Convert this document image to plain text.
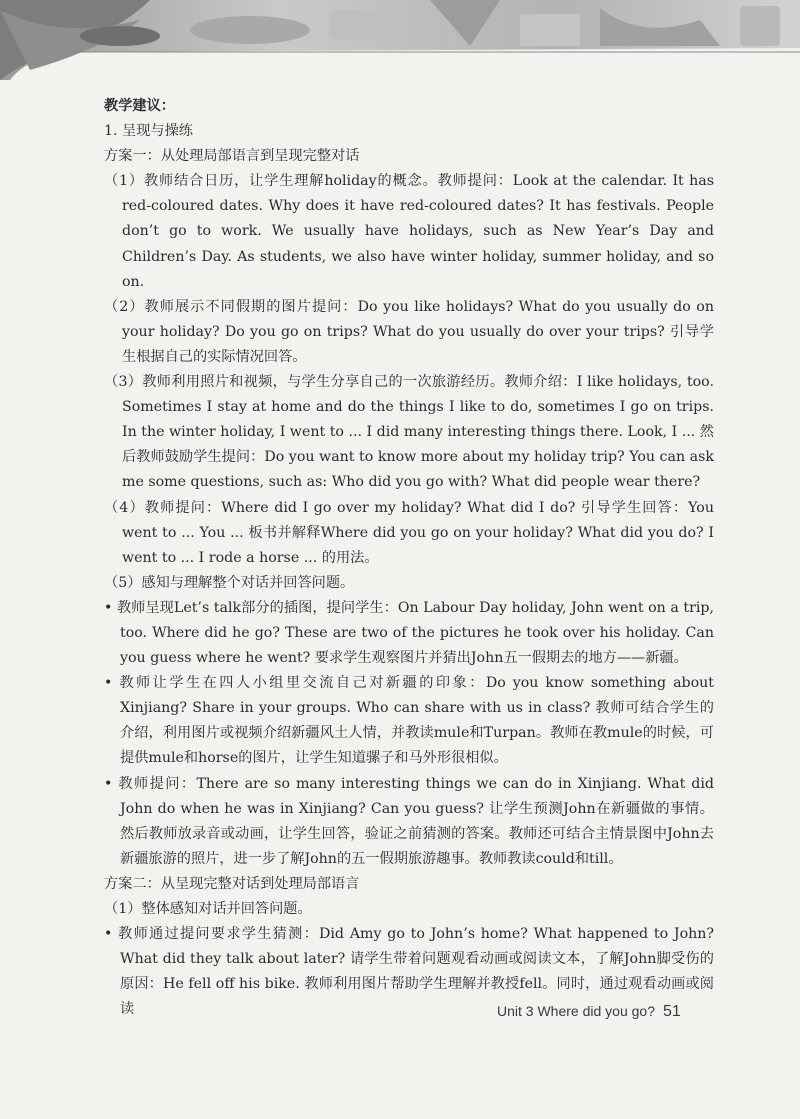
教学建议：

1. 呈现与操练

方案一：从处理局部语言到呈现完整对话

（1）教师结合日历，让学生理解holiday的概念。教师提问：Look at the calendar. It has red-coloured dates. Why does it have red-coloured dates? It has festivals. People don’t go to work. We usually have holidays, such as New Year’s Day and Children’s Day. As students, we also have winter holiday, summer holiday, and so on.

（2）教师展示不同假期的图片提问：Do you like holidays? What do you usually do on your holiday? Do you go on trips? What do you usually do over your trips? 引导学生根据自己的实际情况回答。

（3）教师利用照片和视频，与学生分享自己的一次旅游经历。教师介绍：I like holidays, too. Sometimes I stay at home and do the things I like to do, sometimes I go on trips. In the winter holiday, I went to ... I did many interesting things there. Look, I ... 然后教师鼓励学生提问：Do you want to know more about my holiday trip? You can ask me some questions, such as: Who did you go with? What did people wear there?

（4）教师提问：Where did I go over my holiday? What did I do? 引导学生回答：You went to ... You ... 板书并解释Where did you go on your holiday? What did you do? I went to ... I rode a horse ... 的用法。

（5）感知与理解整个对话并回答问题。

• 教师呈现Let’s talk部分的插图，提问学生：On Labour Day holiday, John went on a trip, too. Where did he go? These are two of the pictures he took over his holiday. Can you guess where he went? 要求学生观察图片并猜出John五一假期去的地方——新疆。

• 教师让学生在四人小组里交流自己对新疆的印象：Do you know something about Xinjiang? Share in your groups. Who can share with us in class? 教师可结合学生的介绍，利用图片或视频介绍新疆风土人情，并教读mule和Turpan。教师在教mule的时候，可提供mule和horse的图片，让学生知道骡子和马外形很相似。

• 教师提问：There are so many interesting things we can do in Xinjiang. What did John do when he was in Xinjiang? Can you guess? 让学生预测John在新疆做的事情。然后教师放录音或动画，让学生回答，验证之前猜测的答案。教师还可结合主情景图中John去新疆旅游的照片，进一步了解John的五一假期旅游趣事。教师教读could和till。

方案二：从呈现完整对话到处理局部语言

（1）整体感知对话并回答问题。

• 教师通过提问要求学生猜测：Did Amy go to John’s home? What happened to John? What did they talk about later? 请学生带着问题观看动画或阅读文本，了解John脚受伤的原因：He fell off his bike. 教师利用图片帮助学生理解并教授fell。同时，通过观看动画或阅读	Unit 3 Where did you go? 51
